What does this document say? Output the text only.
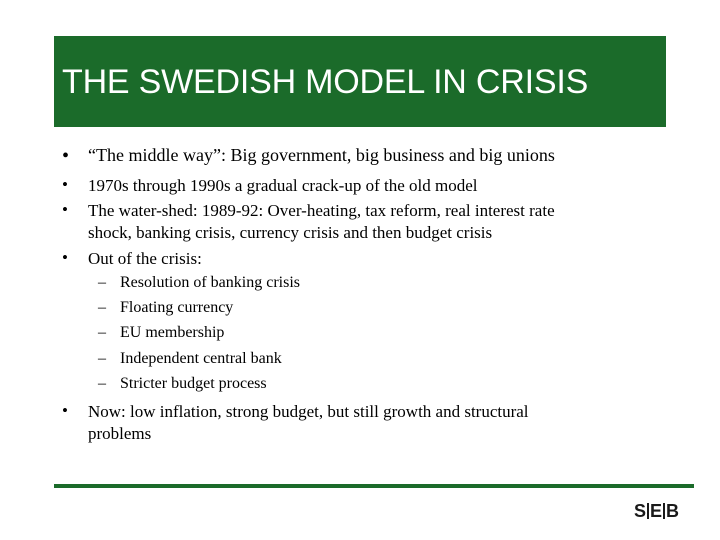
THE SWEDISH MODEL IN CRISIS
• “The middle way”: Big government, big business and big unions
• 1970s through 1990s a gradual crack-up of the old model
• The water-shed: 1989-92: Over-heating, tax reform, real interest rate
shock, banking crisis, currency crisis and then budget crisis
• Out of the crisis:
– Resolution of banking crisis
– Floating currency
– EU membership
– Independent central bank
– Stricter budget process
• Now: low inflation, strong budget, but still growth and structural
problems
S E B
